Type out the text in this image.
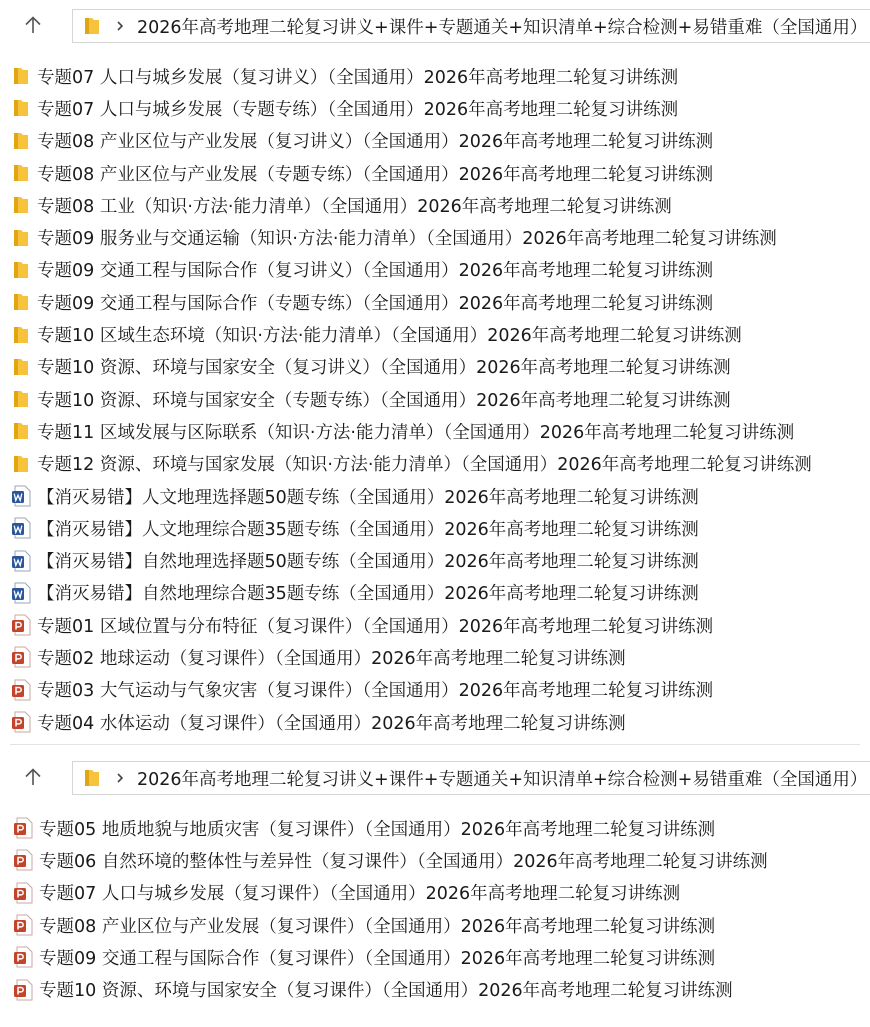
2026年高考地理二轮复习讲义+课件+专题通关+知识清单+综合检测+易错重难（全国通用）
专题07 人口与城乡发展（复习讲义）（全国通用）2026年高考地理二轮复习讲练测
专题07 人口与城乡发展（专题专练）（全国通用）2026年高考地理二轮复习讲练测
专题08 产业区位与产业发展（复习讲义）（全国通用）2026年高考地理二轮复习讲练测
专题08 产业区位与产业发展（专题专练）（全国通用）2026年高考地理二轮复习讲练测
专题08 工业（知识·方法·能力清单）（全国通用）2026年高考地理二轮复习讲练测
专题09 服务业与交通运输（知识·方法·能力清单）（全国通用）2026年高考地理二轮复习讲练测
专题09 交通工程与国际合作（复习讲义）（全国通用）2026年高考地理二轮复习讲练测
专题09 交通工程与国际合作（专题专练）（全国通用）2026年高考地理二轮复习讲练测
专题10 区域生态环境（知识·方法·能力清单）（全国通用）2026年高考地理二轮复习讲练测
专题10 资源、环境与国家安全（复习讲义）（全国通用）2026年高考地理二轮复习讲练测
专题10 资源、环境与国家安全（专题专练）（全国通用）2026年高考地理二轮复习讲练测
专题11 区域发展与区际联系（知识·方法·能力清单）（全国通用）2026年高考地理二轮复习讲练测
专题12 资源、环境与国家发展（知识·方法·能力清单）（全国通用）2026年高考地理二轮复习讲练测
【消灭易错】人文地理选择题50题专练（全国通用）2026年高考地理二轮复习讲练测
【消灭易错】人文地理综合题35题专练（全国通用）2026年高考地理二轮复习讲练测
【消灭易错】自然地理选择题50题专练（全国通用）2026年高考地理二轮复习讲练测
【消灭易错】自然地理综合题35题专练（全国通用）2026年高考地理二轮复习讲练测
专题01 区域位置与分布特征（复习课件）（全国通用）2026年高考地理二轮复习讲练测
专题02 地球运动（复习课件）（全国通用）2026年高考地理二轮复习讲练测
专题03 大气运动与气象灾害（复习课件）（全国通用）2026年高考地理二轮复习讲练测
专题04 水体运动（复习课件）（全国通用）2026年高考地理二轮复习讲练测
2026年高考地理二轮复习讲义+课件+专题通关+知识清单+综合检测+易错重难（全国通用）
专题05 地质地貌与地质灾害（复习课件）（全国通用）2026年高考地理二轮复习讲练测
专题06 自然环境的整体性与差异性（复习课件）（全国通用）2026年高考地理二轮复习讲练测
专题07 人口与城乡发展（复习课件）（全国通用）2026年高考地理二轮复习讲练测
专题08 产业区位与产业发展（复习课件）（全国通用）2026年高考地理二轮复习讲练测
专题09 交通工程与国际合作（复习课件）（全国通用）2026年高考地理二轮复习讲练测
专题10 资源、环境与国家安全（复习课件）（全国通用）2026年高考地理二轮复习讲练测
